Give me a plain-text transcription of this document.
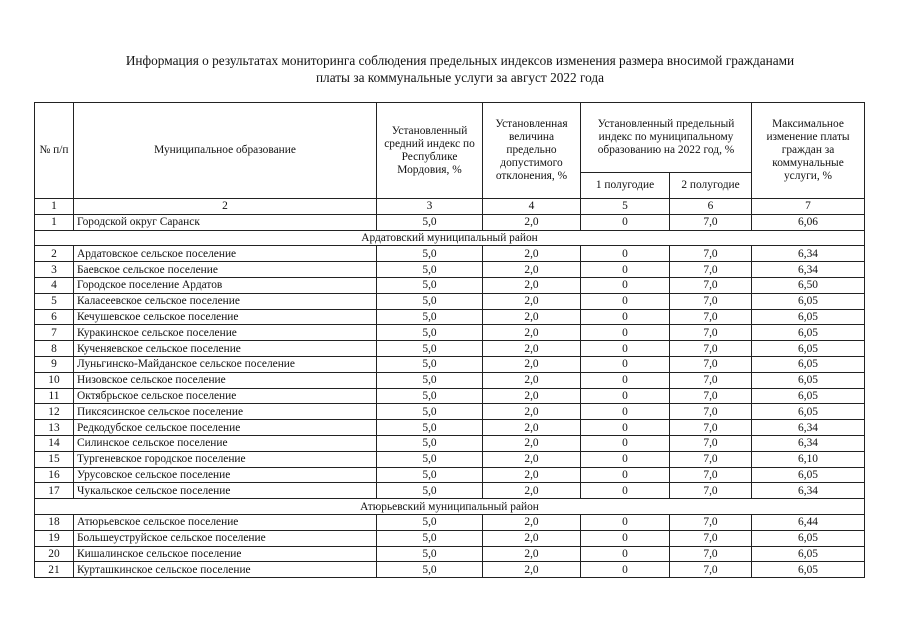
Информация о результатах мониторинга соблюдения предельных индексов изменения размера вносимой гражданами
платы за коммунальные услуги за август 2022 года
№ п/п	Муниципальное образование	Установленный средний индекс по Республике Мордовия, %	Установленная величина предельно допустимого отклонения, %	Установленный предельный индекс по муниципальному образованию на 2022 год, %		Максимальное изменение платы граждан за коммунальные услуги, %
				1 полугодие	2 полугодие	
1	2	3	4	5	6	7
1	Городской округ Саранск	5,0	2,0	0	7,0	6,06
Ардатовский муниципальный район						
2	Ардатовское сельское поселение	5,0	2,0	0	7,0	6,34
3	Баевское сельское поселение	5,0	2,0	0	7,0	6,34
4	Городское поселение Ардатов	5,0	2,0	0	7,0	6,50
5	Каласеевское сельское поселение	5,0	2,0	0	7,0	6,05
6	Кечушевское сельское поселение	5,0	2,0	0	7,0	6,05
7	Куракинское сельское поселение	5,0	2,0	0	7,0	6,05
8	Кученяевское сельское поселение	5,0	2,0	0	7,0	6,05
9	Луньгинско-Майданское сельское поселение	5,0	2,0	0	7,0	6,05
10	Низовское сельское поселение	5,0	2,0	0	7,0	6,05
11	Октябрьское сельское поселение	5,0	2,0	0	7,0	6,05
12	Пиксясинское сельское поселение	5,0	2,0	0	7,0	6,05
13	Редкодубское сельское поселение	5,0	2,0	0	7,0	6,34
14	Силинское сельское поселение	5,0	2,0	0	7,0	6,34
15	Тургеневское городское поселение	5,0	2,0	0	7,0	6,10
16	Урусовское сельское поселение	5,0	2,0	0	7,0	6,05
17	Чукальское сельское поселение	5,0	2,0	0	7,0	6,34
Атюрьевский муниципальный район						
18	Атюрьевское сельское поселение	5,0	2,0	0	7,0	6,44
19	Большеуструйское сельское поселение	5,0	2,0	0	7,0	6,05
20	Кишалинское сельское поселение	5,0	2,0	0	7,0	6,05
21	Курташкинское сельское поселение	5,0	2,0	0	7,0	6,05
